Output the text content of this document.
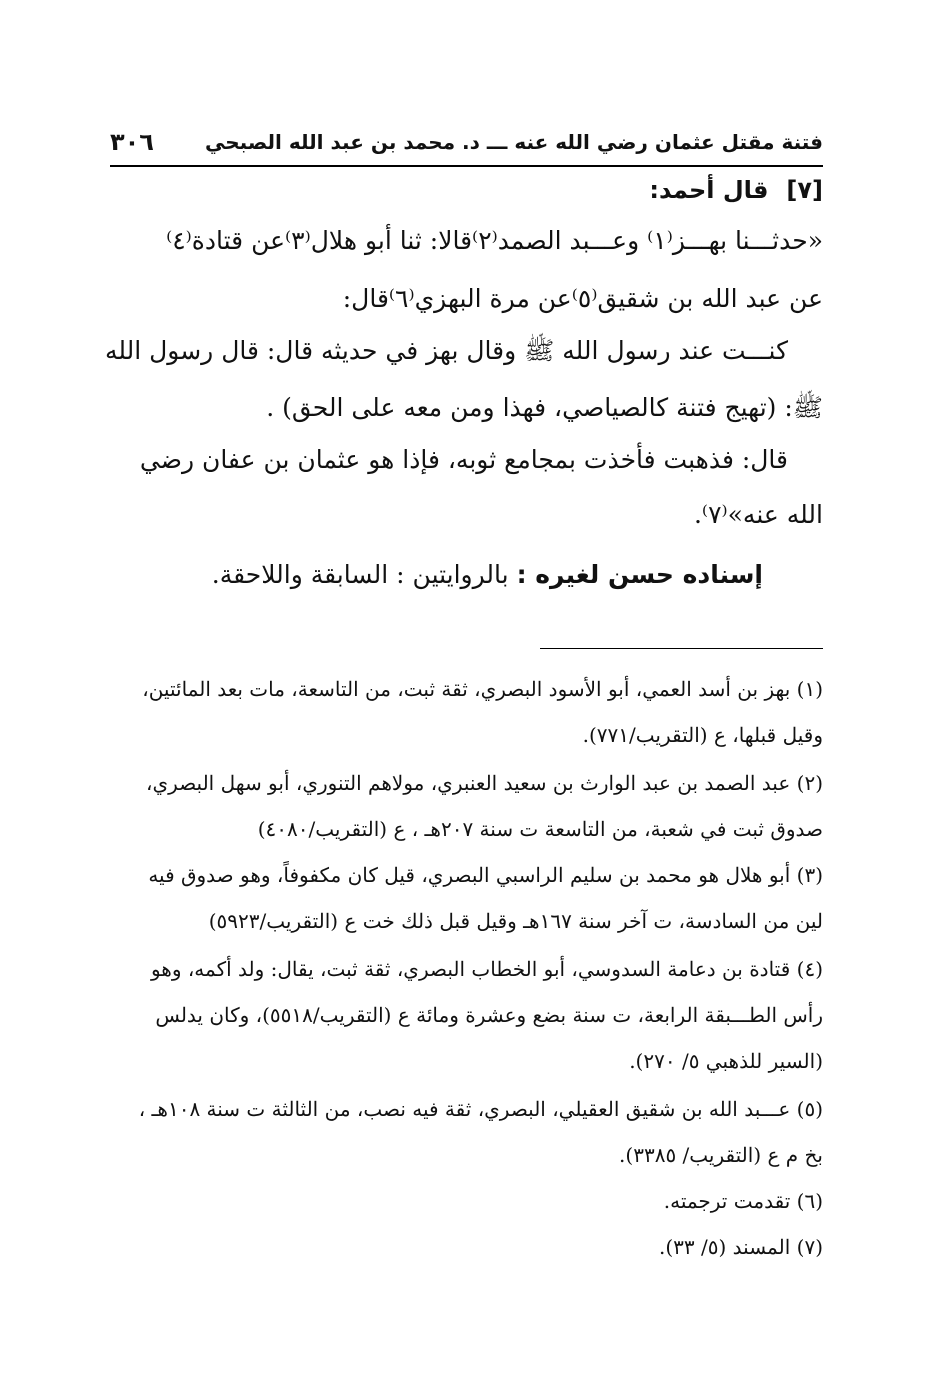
فتنة مقتل عثمان رضي الله عنه ـــ د. محمد بن عبد الله الصبحي
٣٠٦
[٧]قال أحمد:
«حدثـــنا بهـــز⁽١⁾ وعـــبد الصمد⁽٢⁾قالا: ثنا أبو هلال⁽٣⁾عن قتادة⁽٤⁾
عن عبد الله بن شقيق⁽٥⁾عن مرة البهزي⁽٦⁾قال:
كنـــت عند رسول الله ﷺ وقال بهز في حديثه قال: قال رسول الله
ﷺ: (تهيج فتنة كالصياصي، فهذا ومن معه على الحق) .
قال: فذهبت فأخذت بمجامع ثوبه، فإذا هو عثمان بن عفان رضي
الله عنه»⁽٧⁾.
إسناده حسن لغيره : بالروايتين : السابقة واللاحقة.
(١) بهز بن أسد العمي، أبو الأسود البصري، ثقة ثبت، من التاسعة، مات بعد المائتين،
وقيل قبلها، ع (التقريب/٧٧١).
(٢) عبد الصمد بن عبد الوارث بن سعيد العنبري، مولاهم التنوري، أبو سهل البصري،
صدوق ثبت في شعبة، من التاسعة ت سنة ٢٠٧هـ ، ع (التقريب/٤٠٨٠)
(٣) أبو هلال هو محمد بن سليم الراسبي البصري، قيل كان مكفوفاً، وهو صدوق فيه
لين من السادسة، ت آخر سنة ١٦٧هـ وقيل قبل ذلك خت ع (التقريب/٥٩٢٣)
(٤) قتادة بن دعامة السدوسي، أبو الخطاب البصري، ثقة ثبت، يقال: ولد أكمه، وهو
رأس الطـــبقة الرابعة، ت سنة بضع وعشرة ومائة ع (التقريب/٥٥١٨)، وكان يدلس
(السير للذهبي ٥/ ٢٧٠).
(٥) عـــبد الله بن شقيق العقيلي، البصري، ثقة فيه نصب، من الثالثة ت سنة ١٠٨هـ ،
بخ م ع (التقريب/ ٣٣٨٥).
(٦) تقدمت ترجمته.
(٧) المسند (٥/ ٣٣).
